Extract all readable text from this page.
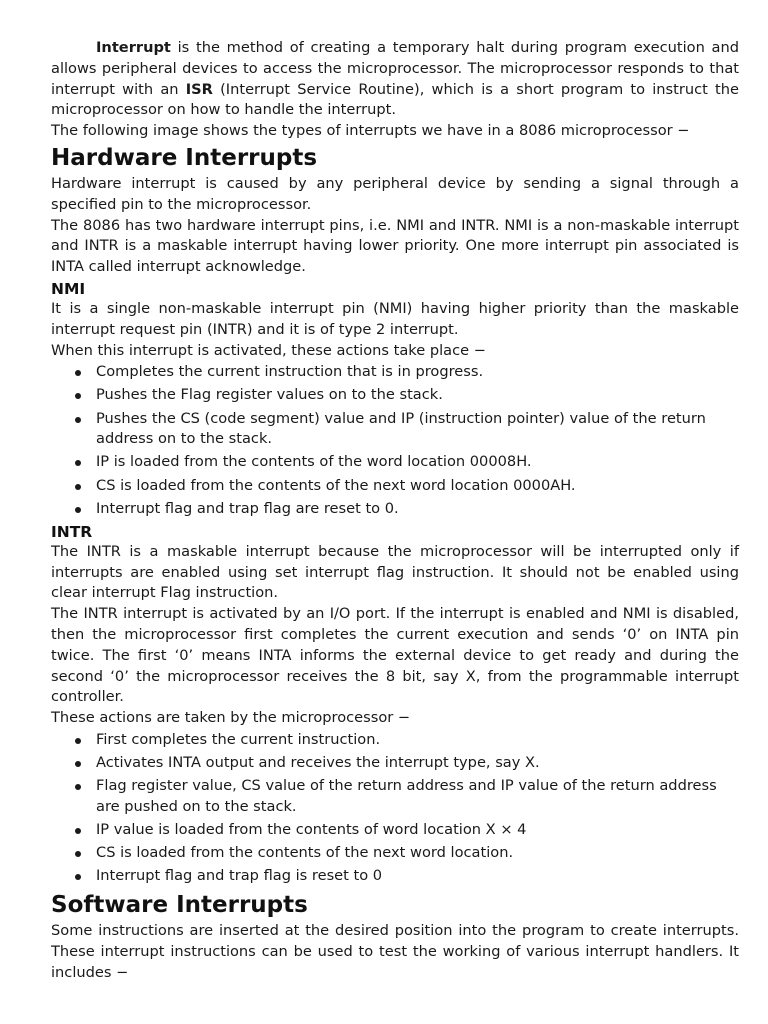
Interrupt is the method of creating a temporary halt during program execution and allows peripheral devices to access the microprocessor. The microprocessor responds to that interrupt with an ISR (Interrupt Service Routine), which is a short program to instruct the microprocessor on how to handle the interrupt.

The following image shows the types of interrupts we have in a 8086 microprocessor −

Hardware Interrupts

Hardware interrupt is caused by any peripheral device by sending a signal through a specified pin to the microprocessor.

The 8086 has two hardware interrupt pins, i.e. NMI and INTR. NMI is a non-maskable interrupt and INTR is a maskable interrupt having lower priority. One more interrupt pin associated is INTA called interrupt acknowledge.

NMI

It is a single non-maskable interrupt pin (NMI) having higher priority than the maskable interrupt request pin (INTR) and it is of type 2 interrupt.

When this interrupt is activated, these actions take place −

Completes the current instruction that is in progress.
Pushes the Flag register values on to the stack.
Pushes the CS (code segment) value and IP (instruction pointer) value of the return address on to the stack.
IP is loaded from the contents of the word location 00008H.
CS is loaded from the contents of the next word location 0000AH.
Interrupt flag and trap flag are reset to 0.
INTR

The INTR is a maskable interrupt because the microprocessor will be interrupted only if interrupts are enabled using set interrupt flag instruction. It should not be enabled using clear interrupt Flag instruction.

The INTR interrupt is activated by an I/O port. If the interrupt is enabled and NMI is disabled, then the microprocessor first completes the current execution and sends ‘0’ on INTA pin twice. The first ‘0’ means INTA informs the external device to get ready and during the second ‘0’ the microprocessor receives the 8 bit, say X, from the programmable interrupt controller.

These actions are taken by the microprocessor −

First completes the current instruction.
Activates INTA output and receives the interrupt type, say X.
Flag register value, CS value of the return address and IP value of the return address are pushed on to the stack.
IP value is loaded from the contents of word location X × 4
CS is loaded from the contents of the next word location.
Interrupt flag and trap flag is reset to 0
Software Interrupts

Some instructions are inserted at the desired position into the program to create interrupts. These interrupt instructions can be used to test the working of various interrupt handlers. It includes −
